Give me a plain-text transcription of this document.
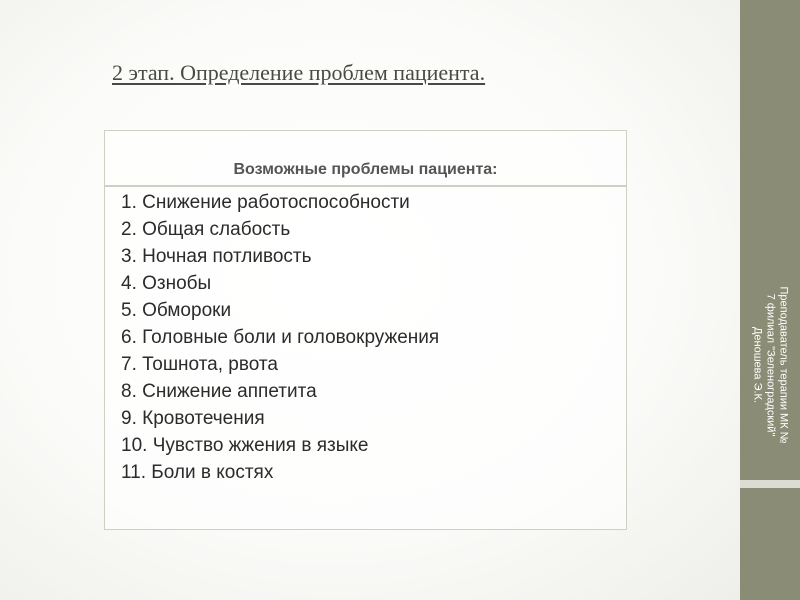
Преподаватель терапии МК №
7 филиал "Зеленоградский"
Деношева Э.К.
2 этап. Определение проблем пациента.
Возможные проблемы пациента:
1. Снижение работоспособности
2. Общая слабость
3. Ночная потливость
4. Ознобы
5. Обмороки
6. Головные боли и головокружения
7. Тошнота, рвота
8. Снижение аппетита
9. Кровотечения
10. Чувство жжения в языке
11. Боли в костях
